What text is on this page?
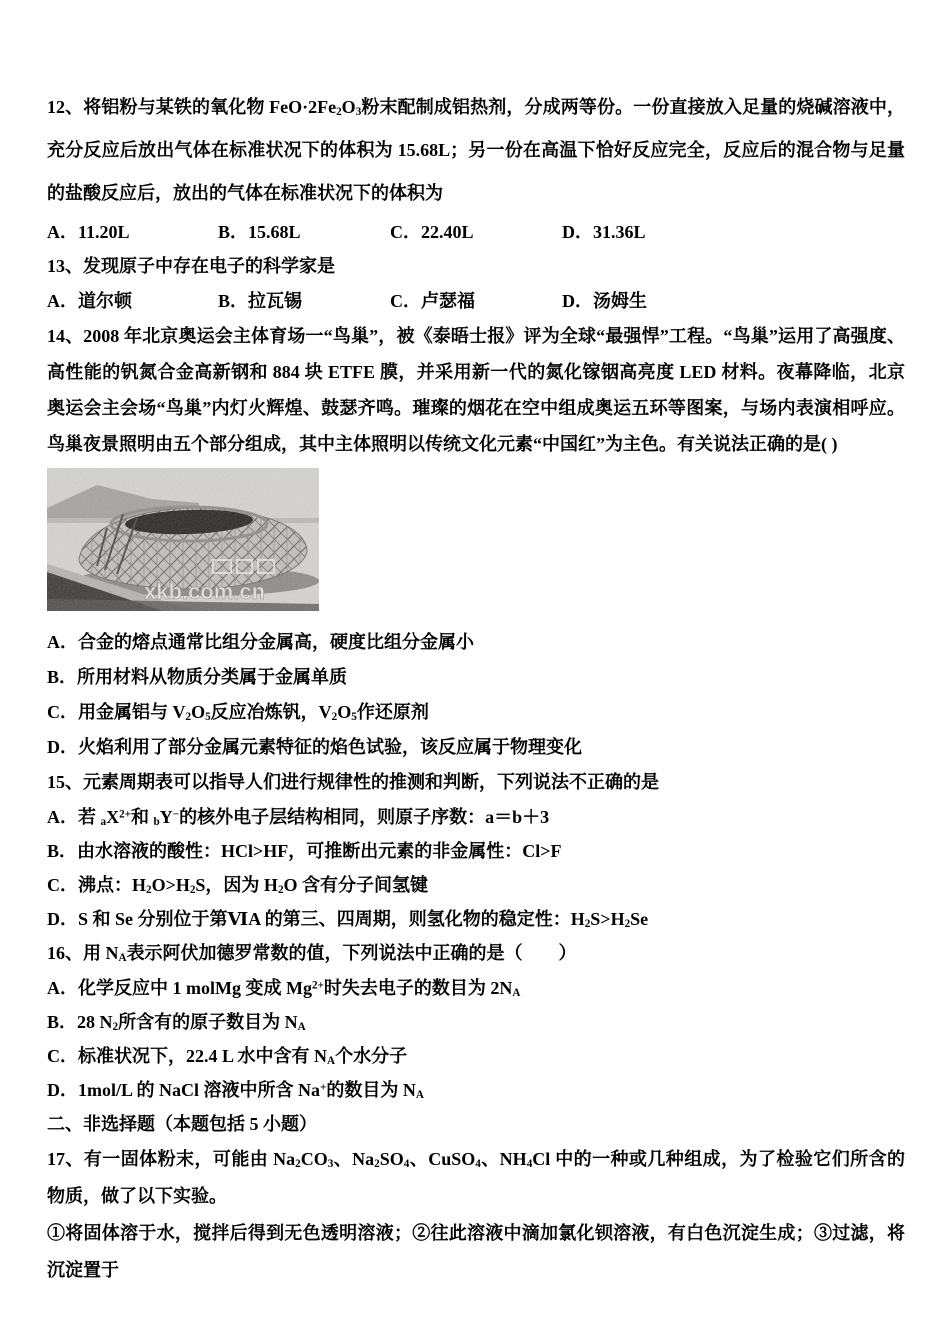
12、将铝粉与某铁的氧化物 $FeO\cdot 2Fe_2O_3$粉末配制成铝热剂，分成两等份。一份直接放入足量的烧碱溶液中，充分反应后放出气体在标准状况下的体积为 15.68L；另一份在高温下恰好反应完全，反应后的混合物与足量的盐酸反应后，放出的气体在标准状况下的体积为

A．11.20L	B．15.68L	C．22.40L	D．31.36L

13、发现原子中存在电子的科学家是

A．道尔顿	B．拉瓦锡	C．卢瑟福	D．汤姆生

14、2008 年北京奥运会主体育场一“鸟巢”，被《泰晤士报》评为全球“最强悍”工程。“鸟巢”运用了高强度、高性能的钒氮合金高新钢和 884 块 ETFE 膜，并采用新一代的氮化镓铟高亮度 LED 材料。夜幕降临，北京奥运会主会场“鸟巢”内灯火辉煌、鼓瑟齐鸣。璀璨的烟花在空中组成奥运五环等图案，与场内表演相呼应。鸟巢夜景照明由五个部分组成，其中主体照明以传统文化元素“中国红”为主色。有关说法正确的是( )

xkb.com.cn

A．合金的熔点通常比组分金属高，硬度比组分金属小

B．所用材料从物质分类属于金属单质

C．用金属铝与 $V_2O_5$反应冶炼钒，$V_2O_5$作还原剂

D．火焰利用了部分金属元素特征的焰色试验，该反应属于物理变化

15、元素周期表可以指导人们进行规律性的推测和判断，下列说法不正确的是

A．若 $_aX^{2+}$和 $_b$Y−的核外电子层结构相同，则原子序数：a＝b＋3

B．由水溶液的酸性：HCl>HF，可推断出元素的非金属性：Cl>F

C．沸点：$H_2O>H_2S$，因为 $H_2O$ 含有分子间氢键

D．S 和 Se 分别位于第ⅥA 的第三、四周期，则氢化物的稳定性：$H_2S>H_2Se$

16、用 $N_A$表示阿伏加德罗常数的值，下列说法中正确的是（　　）

A．化学反应中 1 molMg 变成 $Mg^{2+}$时失去电子的数目为 $2N_A$

B．28 $N_2$所含有的原子数目为 $N_A$

C．标准状况下，22.4 L 水中含有 $N_A$个水分子

D．1mol/L 的 NaCl 溶液中所含 Na+的数目为 $N_A$

二、非选择题（本题包括 5 小题）

17、有一固体粉末，可能由 $Na_2CO_3$、$Na_2SO_4$、CuSO$_4$、$NH_4Cl$ 中的一种或几种组成，为了检验它们所含的物质，做了以下实验。

①将固体溶于水，搅拌后得到无色透明溶液；②往此溶液中滴加氯化钡溶液，有白色沉淀生成；③过滤，将沉淀置于
